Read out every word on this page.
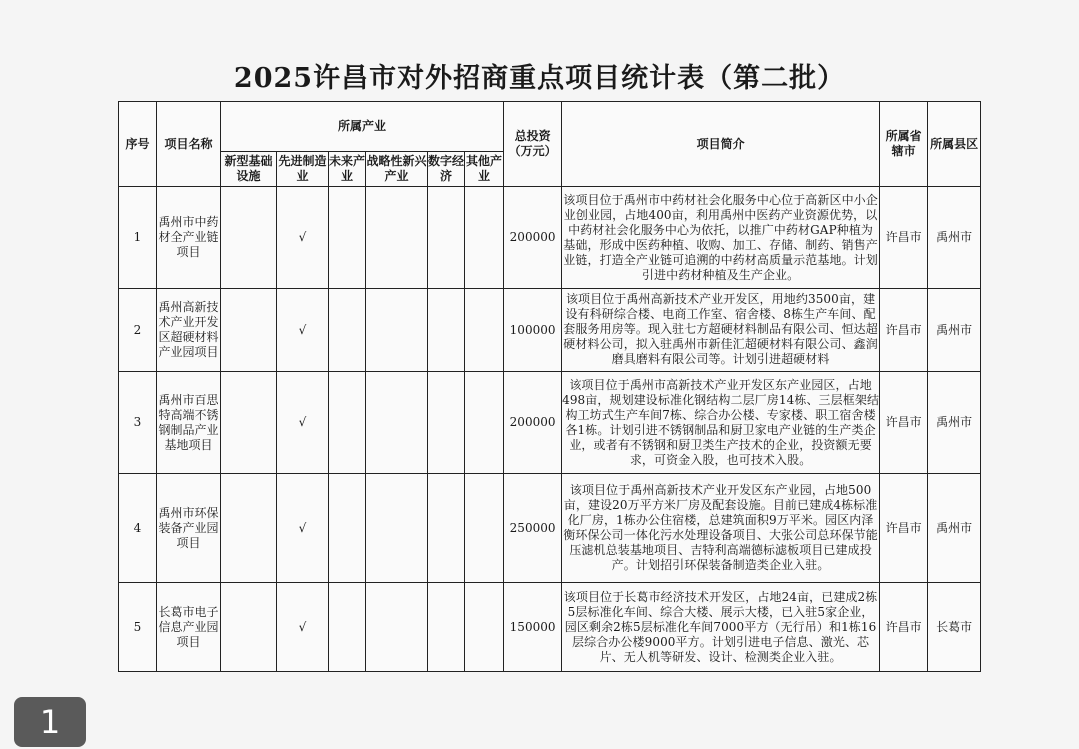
2025许昌市对外招商重点项目统计表（第二批）
序号	项目名称	所属产业						总投资（万元）	项目简介	所属省辖市	所属县区
		新型基础设施	先进制造业	未来产业	战略性新兴产业	数字经济	其他产业				
1	禹州市中药材全产业链项目		√					200000	该项目位于禹州市中药材社会化服务中心位于高新区中小企业创业园，占地400亩，利用禹州中医药产业资源优势，以中药材社会化服务中心为依托，以推广中药材GAP种植为基础，形成中医药种植、收购、加工、存储、制药、销售产业链，打造全产业链可追溯的中药材高质量示范基地。计划引进中药材种植及生产企业。	许昌市	禹州市
2	禹州高新技术产业开发区超硬材料产业园项目		√					100000	该项目位于禹州高新技术产业开发区，用地约3500亩，建设有科研综合楼、电商工作室、宿舍楼、8栋生产车间、配套服务用房等。现入驻七方超硬材料制品有限公司、恒达超硬材料公司，拟入驻禹州市新佳汇超硬材料有限公司、鑫润磨具磨料有限公司等。计划引进超硬材料	许昌市	禹州市
3	禹州市百思特高端不锈钢制品产业基地项目		√					200000	该项目位于禹州市高新技术产业开发区东产业园区，占地498亩，规划建设标准化钢结构二层厂房14栋、三层框架结构工坊式生产车间7栋、综合办公楼、专家楼、职工宿舍楼各1栋。计划引进不锈钢制品和厨卫家电产业链的生产类企业，或者有不锈钢和厨卫类生产技术的企业，投资额无要求，可资金入股，也可技术入股。	许昌市	禹州市
4	禹州市环保装备产业园项目		√					250000	该项目位于禹州高新技术产业开发区东产业园，占地500亩，建设20万平方米厂房及配套设施。目前已建成4栋标准化厂房，1栋办公住宿楼，总建筑面积9万平米。园区内泽衡环保公司一体化污水处理设备项目、大张公司总环保节能压滤机总装基地项目、吉特利高端德标滤板项目已建成投产。计划招引环保装备制造类企业入驻。	许昌市	禹州市
5	长葛市电子信息产业园项目		√					150000	该项目位于长葛市经济技术开发区，占地24亩，已建成2栋5层标准化车间、综合大楼、展示大楼，已入驻5家企业，园区剩余2栋5层标准化车间7000平方（无行吊）和1栋16层综合办公楼9000平方。计划引进电子信息、激光、芯片、无人机等研发、设计、检测类企业入驻。	许昌市	长葛市
1
